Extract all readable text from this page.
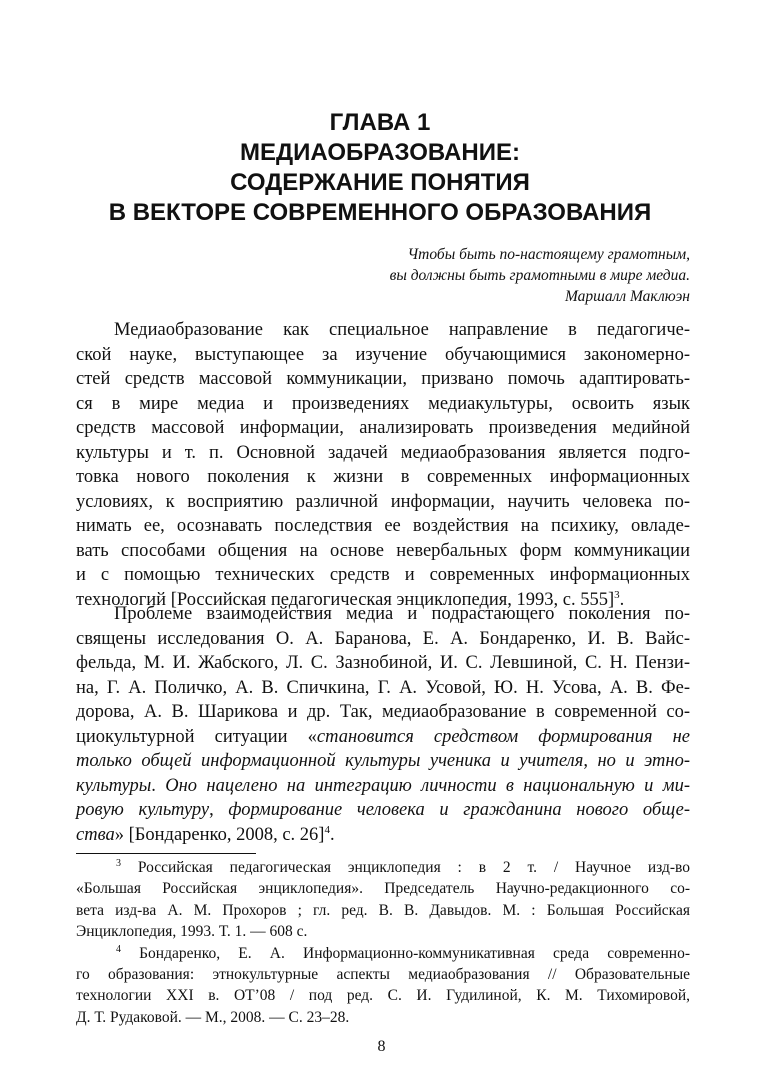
ГЛАВА 1
МЕДИАОБРАЗОВАНИЕ:
СОДЕРЖАНИЕ ПОНЯТИЯ
В ВЕКТОРЕ СОВРЕМЕННОГО ОБРАЗОВАНИЯ
Чтобы быть по-настоящему грамотным,
вы должны быть грамотными в мире медиа.
Маршалл Маклюэн
Медиаобразование как специальное направление в педагогиче-
ской науке, выступающее за изучение обучающимися закономерно-
стей средств массовой коммуникации, призвано помочь адаптировать-
ся в мире медиа и произведениях медиакультуры, освоить язык
средств массовой информации, анализировать произведения медийной
культуры и т. п. Основной задачей медиаобразования является подго-
товка нового поколения к жизни в современных информационных
условиях, к восприятию различной информации, научить человека по-
нимать ее, осознавать последствия ее воздействия на психику, овладе-
вать способами общения на основе невербальных форм коммуникации
и с помощью технических средств и современных информационных
технологий [Российская педагогическая энциклопедия, 1993, с. 555]$^3$.
Проблеме взаимодействия медиа и подрастающего поколения по-
священы исследования О. А. Баранова, Е. А. Бондаренко, И. В. Вайс-
фельда, М. И. Жабского, Л. С. Зазнобиной, И. С. Левшиной, С. Н. Пензи-
на, Г. А. Поличко, А. В. Спичкина, Г. А. Усовой, Ю. Н. Усова, А. В. Фе-
дорова, А. В. Шарикова и др. Так, медиаобразование в современной со-
циокультурной ситуации «становится средством формирования не
только общей информационной культуры ученика и учителя, но и этно-
культуры. Оно нацелено на интеграцию личности в национальную и ми-
ровую культуру, формирование человека и гражданина нового обще-
ства» [Бондаренко, 2008, с. 26]$^4$.
$^3$ Российская педагогическая энциклопедия : в 2 т. / Научное изд-во
«Большая Российская энциклопедия». Председатель Научно-редакционного со-
вета изд-ва А. М. Прохоров ; гл. ред. В. В. Давыдов. М. : Большая Российская
Энциклопедия, 1993. Т. 1. — 608 с.
$^4$ Бондаренко, Е. А. Информационно-коммуникативная среда современно-
го образования: этнокультурные аспекты медиаобразования // Образовательные
технологии XXI в. ОТ’08 / под ред. С. И. Гудилиной, К. М. Тихомировой,
Д. Т. Рудаковой. — М., 2008. — С. 23–28.
8
